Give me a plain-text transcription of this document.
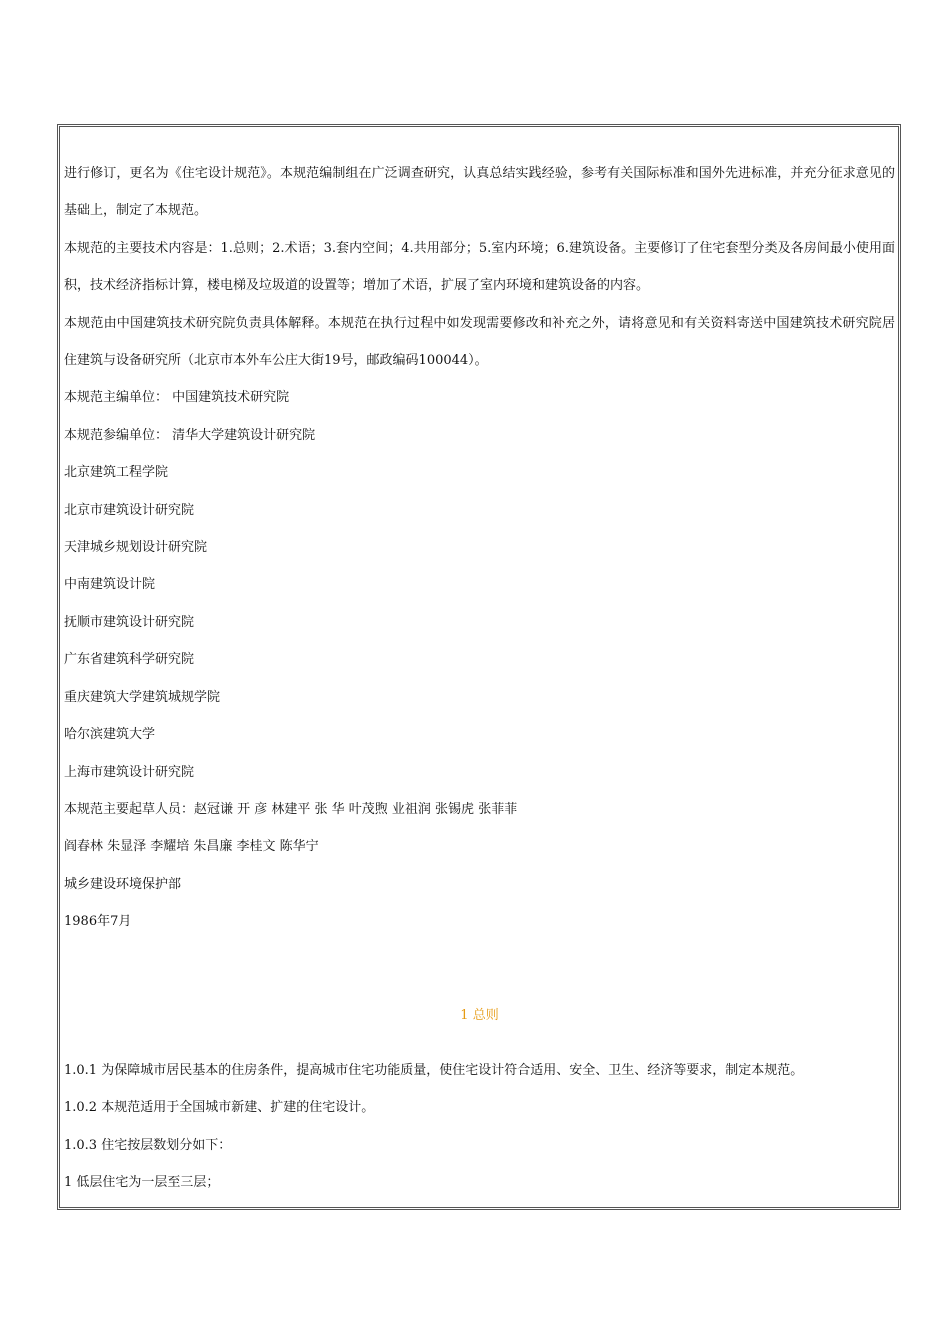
进行修订，更名为《住宅设计规范》。本规范编制组在广泛调查研究，认真总结实践经验，参考有关国际标准和国外先进标准，并充分征求意见的基础上，制定了本规范。

本规范的主要技术内容是：1.总则；2.术语；3.套内空间；4.共用部分；5.室内环境；6.建筑设备。主要修订了住宅套型分类及各房间最小使用面积，技术经济指标计算，楼电梯及垃圾道的设置等；增加了术语，扩展了室内环境和建筑设备的内容。

本规范由中国建筑技术研究院负责具体解释。本规范在执行过程中如发现需要修改和补充之外，请将意见和有关资料寄送中国建筑技术研究院居住建筑与设备研究所（北京市本外车公庄大街19号，邮政编码100044）。

本规范主编单位： 中国建筑技术研究院

本规范参编单位： 清华大学建筑设计研究院

北京建筑工程学院

北京市建筑设计研究院

天津城乡规划设计研究院

中南建筑设计院

抚顺市建筑设计研究院

广东省建筑科学研究院

重庆建筑大学建筑城规学院

哈尔滨建筑大学

上海市建筑设计研究院

本规范主要起草人员：赵冠谦 开 彦 林建平 张 华 叶茂煦 业祖润 张锡虎 张菲菲

阎春林 朱显泽 李耀培 朱昌廉 李桂文 陈华宁

城乡建设环境保护部

1986年7月

1 总则

1.0.1 为保障城市居民基本的住房条件，提高城市住宅功能质量，使住宅设计符合适用、安全、卫生、经济等要求，制定本规范。

1.0.2 本规范适用于全国城市新建、扩建的住宅设计。

1.0.3 住宅按层数划分如下：

1 低层住宅为一层至三层；
